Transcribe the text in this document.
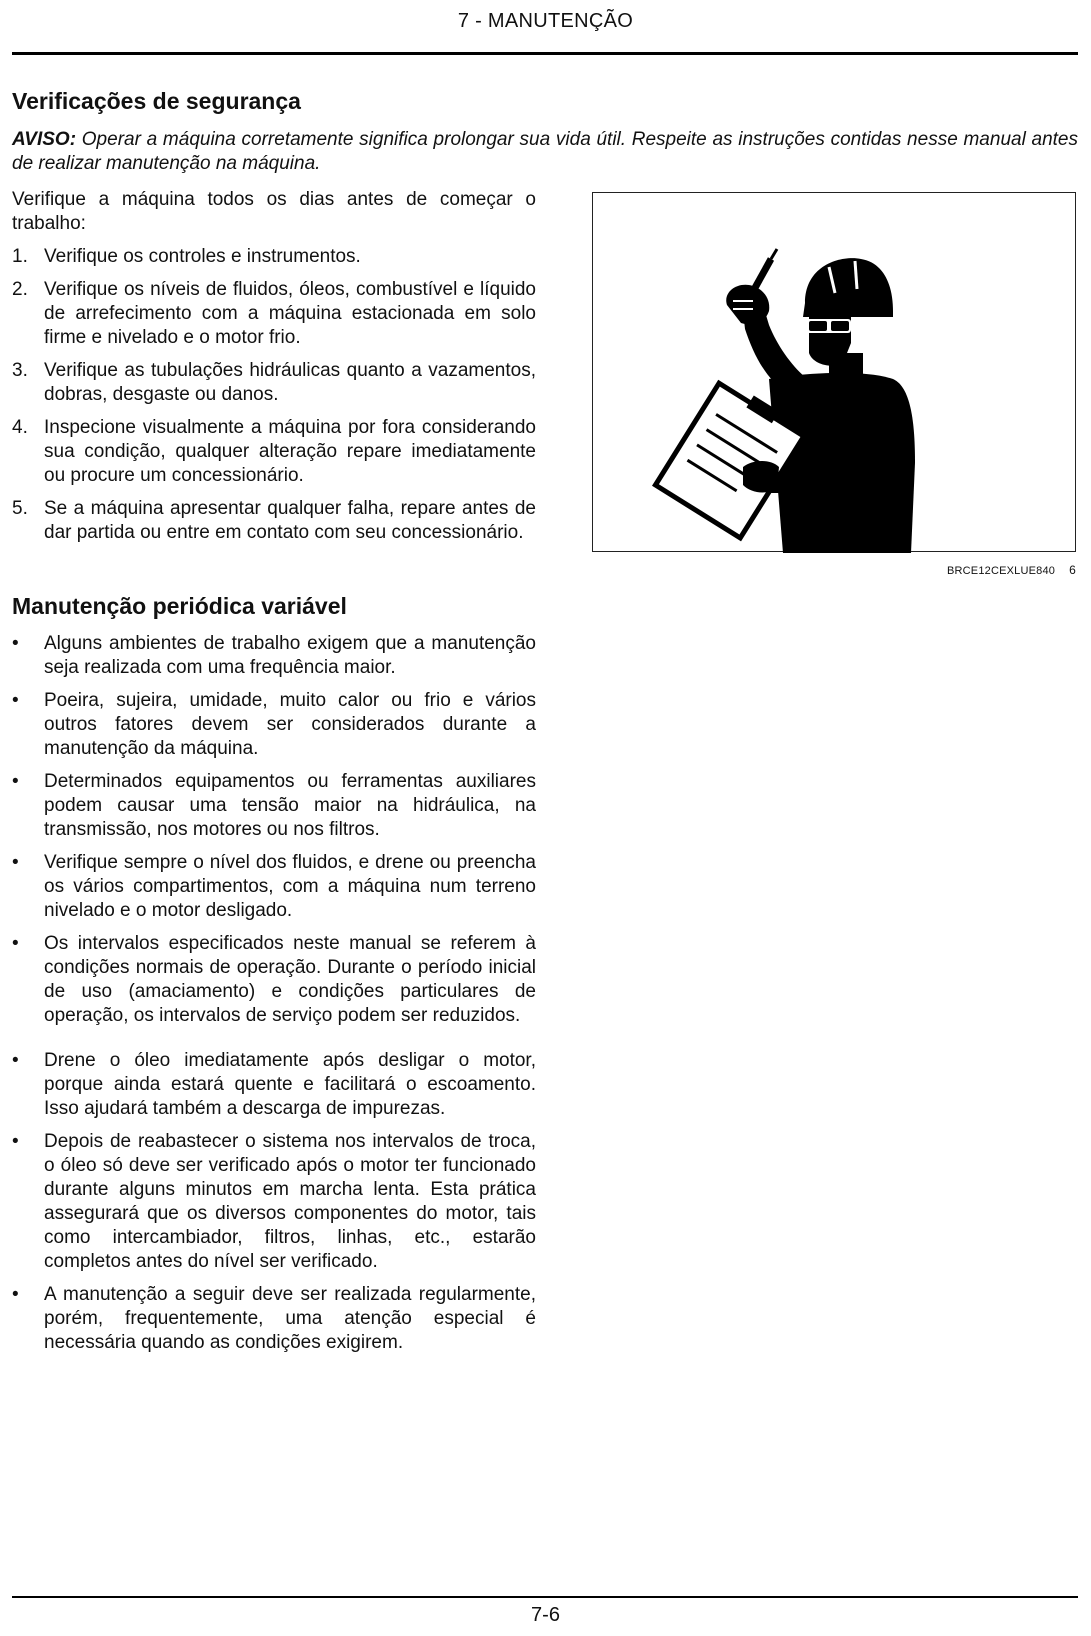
7 - MANUTENÇÃO
Verificações de segurança
AVISO: Operar a máquina corretamente significa prolongar sua vida útil. Respeite as instruções contidas nesse manual antes de realizar manutenção na máquina.

Verifique a máquina todos os dias antes de começar o trabalho:

1. Verifique os controles e instrumentos.
2. Verifique os níveis de fluidos, óleos, combustível e líquido de arrefecimento com a máquina estacionada em solo firme e nivelado e o motor frio.
3. Verifique as tubulações hidráulicas quanto a vazamentos, dobras, desgaste ou danos.
4. Inspecione visualmente a máquina por fora considerando sua condição, qualquer alteração repare imediatamente ou procure um concessionário.
5. Se a máquina apresentar qualquer falha, repare antes de dar partida ou entre em contato com seu concessionário.
BRCE12CEXLUE840 6
Manutenção periódica variável
• Alguns ambientes de trabalho exigem que a manutenção seja realizada com uma frequência maior.
• Poeira, sujeira, umidade, muito calor ou frio e vários outros fatores devem ser considerados durante a manutenção da máquina.
• Determinados equipamentos ou ferramentas auxiliares podem causar uma tensão maior na hidráulica, na transmissão, nos motores ou nos filtros.
• Verifique sempre o nível dos fluidos, e drene ou preencha os vários compartimentos, com a máquina num terreno nivelado e o motor desligado.
• Os intervalos especificados neste manual se referem à condições normais de operação. Durante o período inicial de uso (amaciamento) e condições particulares de operação, os intervalos de serviço podem ser reduzidos.
• Drene o óleo imediatamente após desligar o motor, porque ainda estará quente e facilitará o escoamento. Isso ajudará também a descarga de impurezas.
• Depois de reabastecer o sistema nos intervalos de troca, o óleo só deve ser verificado após o motor ter funcionado durante alguns minutos em marcha lenta. Esta prática assegurará que os diversos componentes do motor, tais como intercambiador, filtros, linhas, etc., estarão completos antes do nível ser verificado.
• A manutenção a seguir deve ser realizada regularmente, porém, frequentemente, uma atenção especial é necessária quando as condições exigirem.
7-6
